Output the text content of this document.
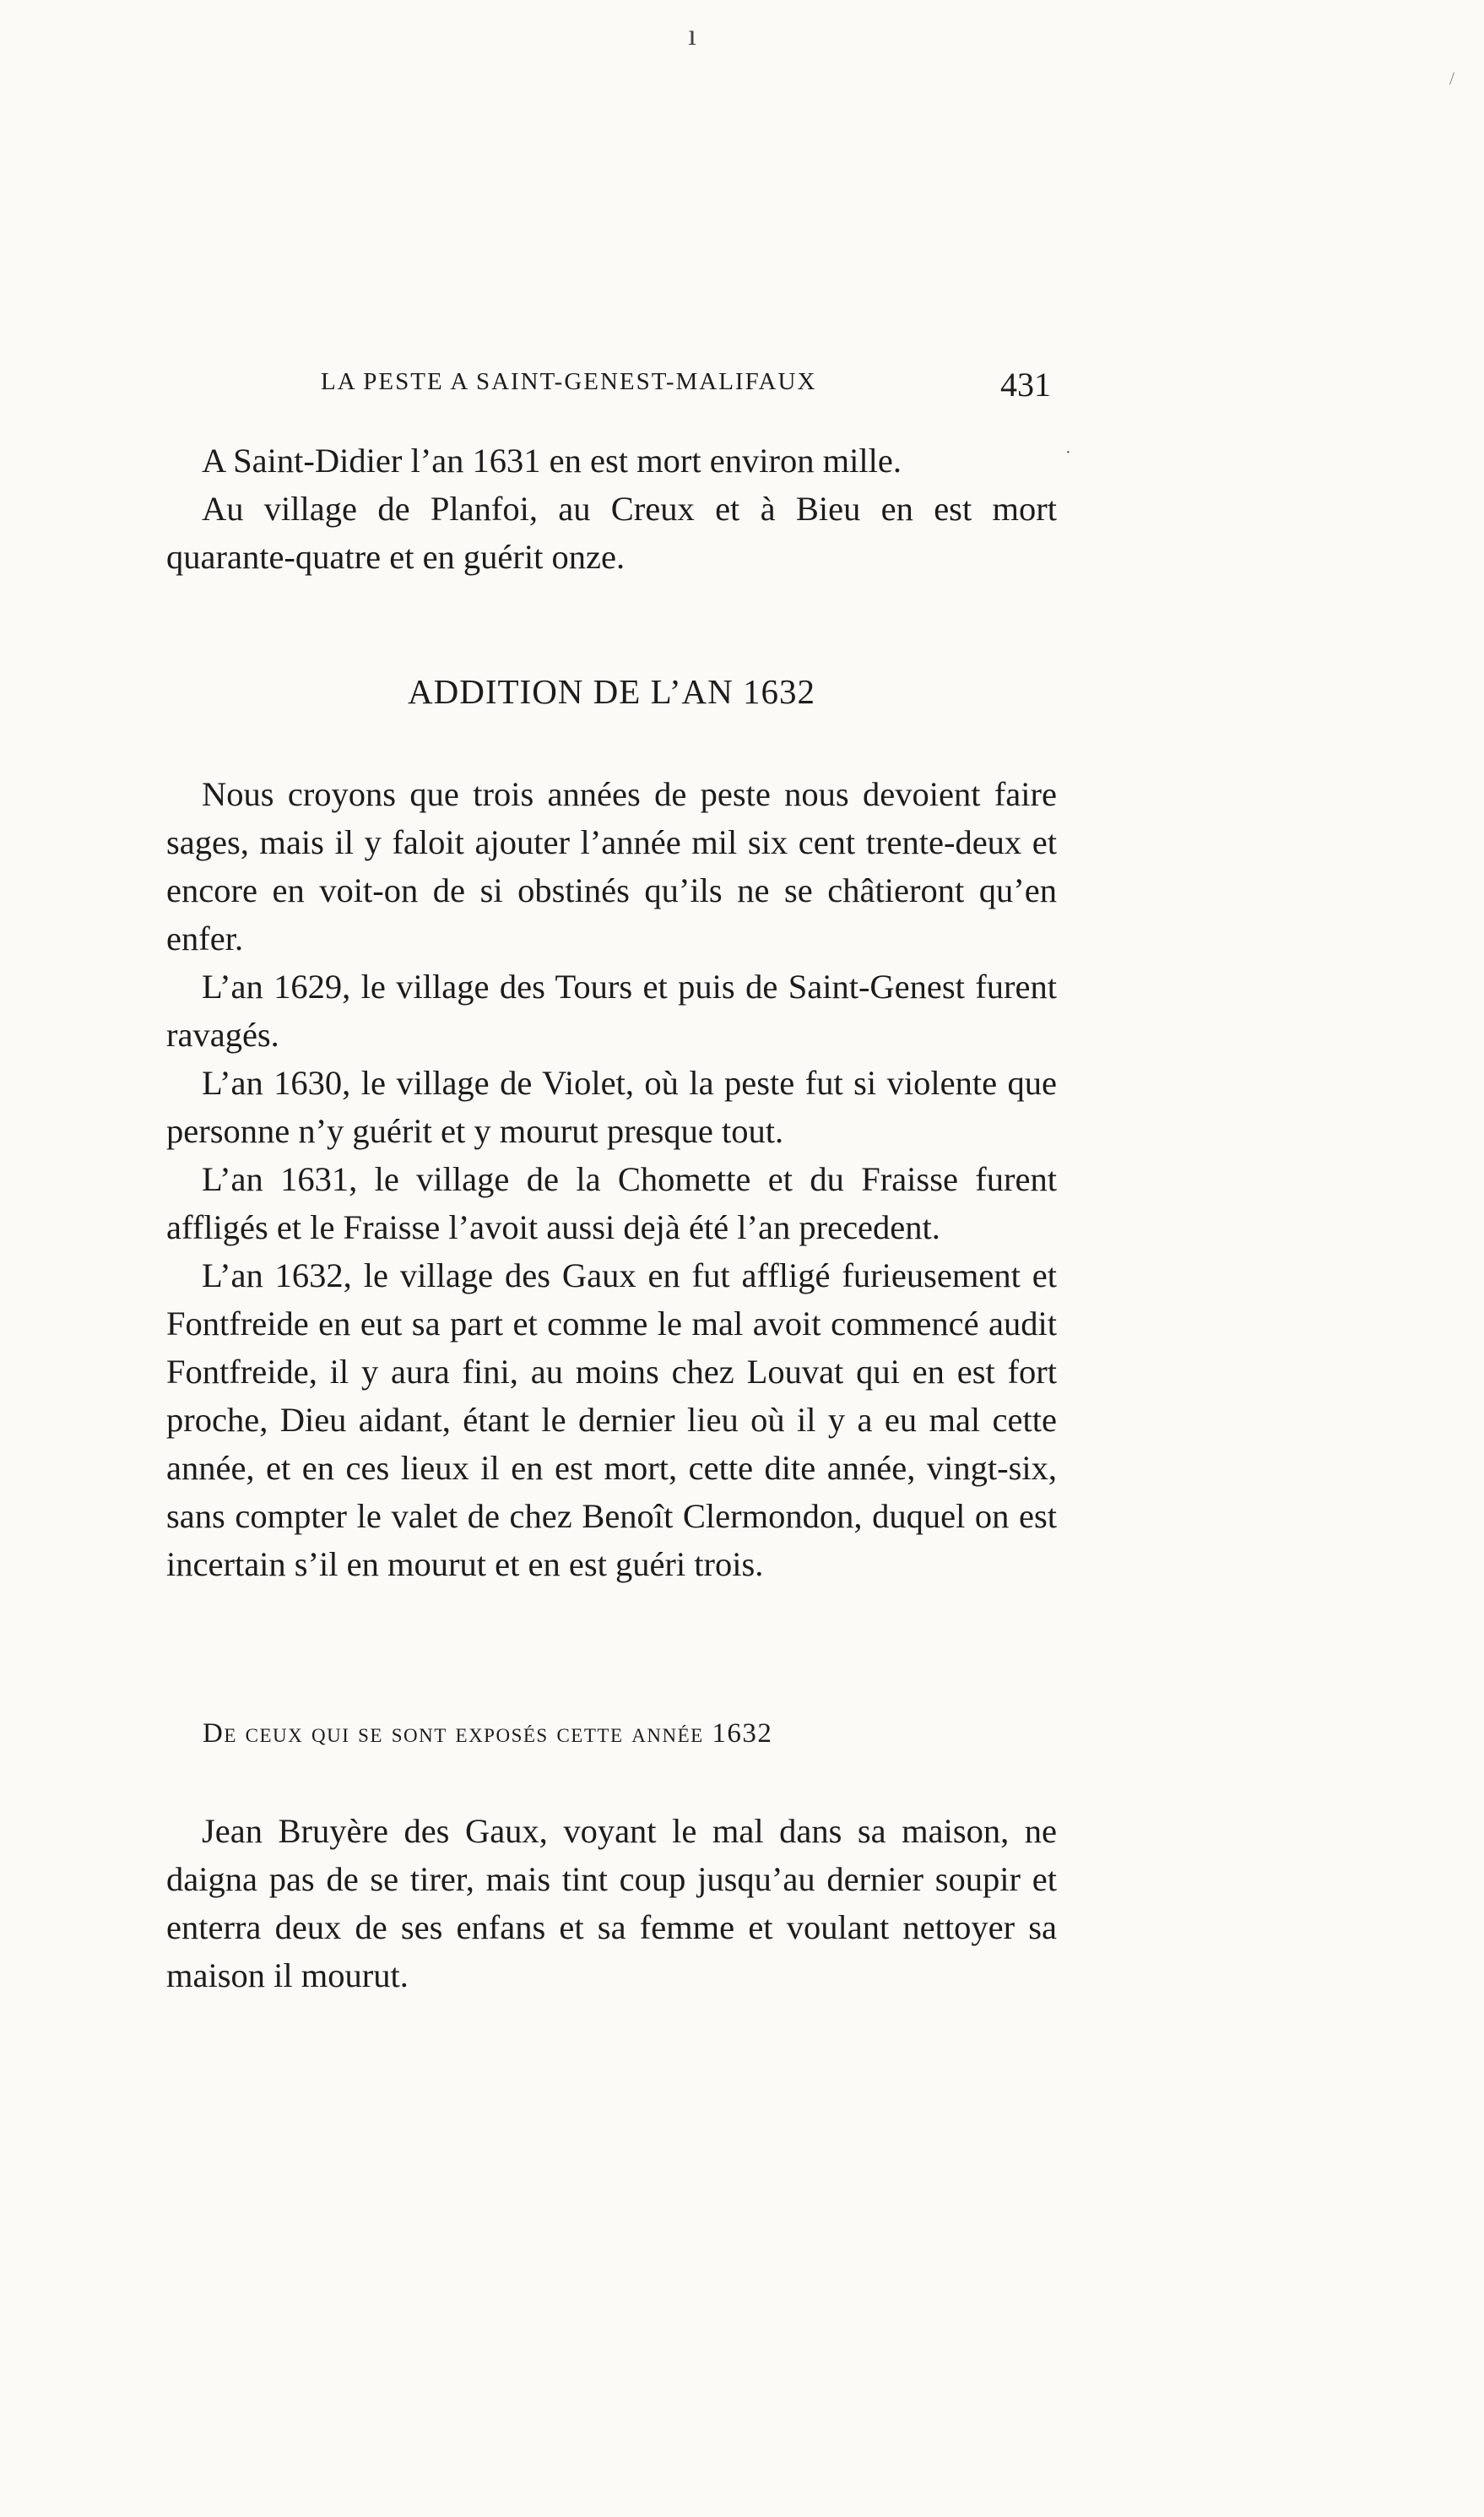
LA PESTE A SAINT-GENEST-MALIFAUX	431

A Saint-Didier l’an 1631 en est mort environ mille.

Au village de Planfoi, au Creux et à Bieu en est mort quarante-quatre et en guérit onze.

ADDITION DE L’AN 1632

Nous croyons que trois années de peste nous devoient faire sages, mais il y faloit ajouter l’année mil six cent trente-deux et encore en voit-on de si obstinés qu’ils ne se châtieront qu’en enfer.

L’an 1629, le village des Tours et puis de Saint-Genest furent ravagés.

L’an 1630, le village de Violet, où la peste fut si violente que personne n’y guérit et y mourut presque tout.

L’an 1631, le village de la Chomette et du Fraisse furent affligés et le Fraisse l’avoit aussi dejà été l’an precedent.

L’an 1632, le village des Gaux en fut affligé furieusement et Fontfreide en eut sa part et comme le mal avoit commencé audit Fontfreide, il y aura fini, au moins chez Louvat qui en est fort proche, Dieu aidant, étant le dernier lieu où il y a eu mal cette année, et en ces lieux il en est mort, cette dite année, vingt-six, sans compter le valet de chez Benoît Clermondon, duquel on est incertain s’il en mourut et en est guéri trois.

De ceux qui se sont exposés cette année 1632

Jean Bruyère des Gaux, voyant le mal dans sa maison, ne daigna pas de se tirer, mais tint coup jusqu’au dernier soupir et enterra deux de ses enfans et sa femme et voulant nettoyer sa maison il mourut.

ı
·
/
